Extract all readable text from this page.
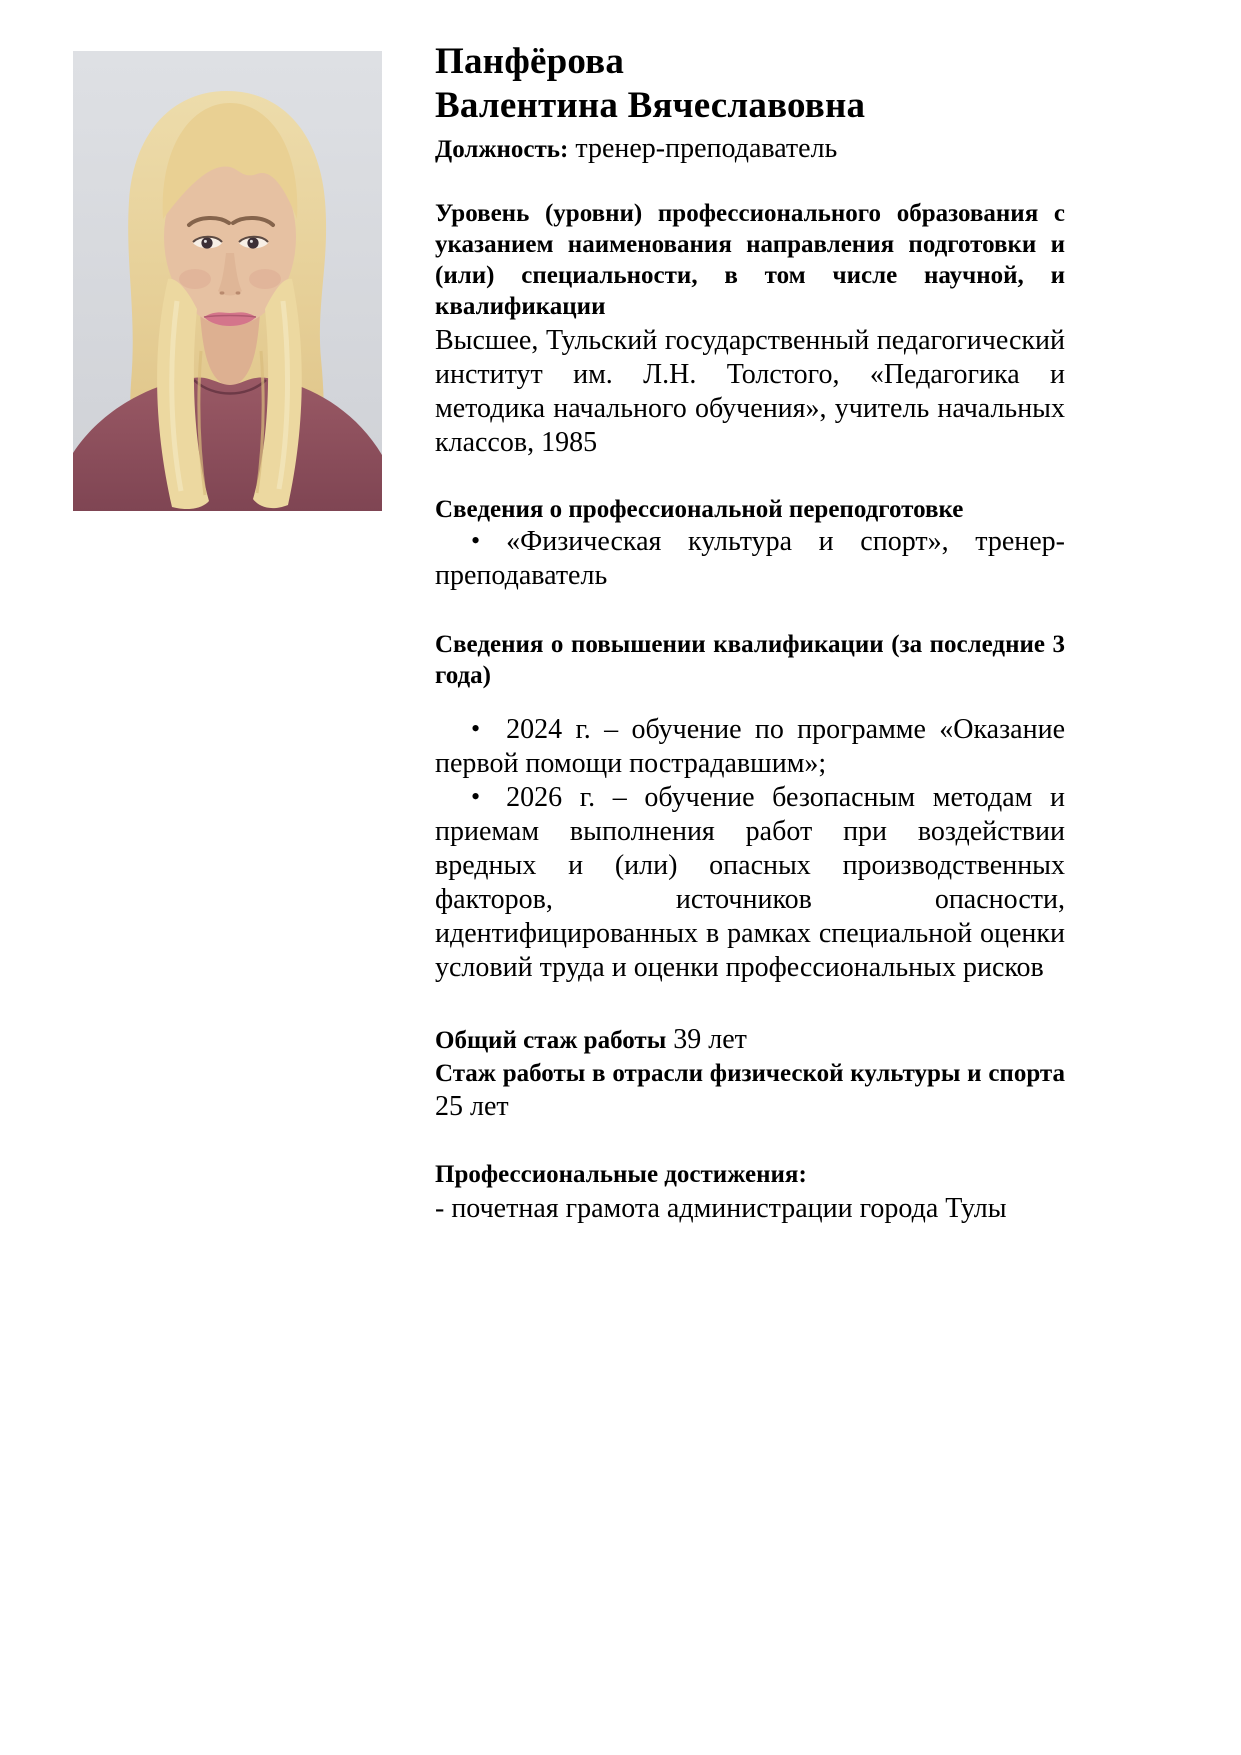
Панфёрова
Валентина Вячеславовна

Должность: тренер-преподаватель

Уровень (уровни) профессионального образования с указанием наименования направления подготовки и (или) специальности, в том числе научной, и квалификации

Высшее, Тульский государственный педагогический институт им. Л.Н. Толстого, «Педагогика и методика начального обучения», учитель начальных классов, 1985

Сведения о профессиональной переподготовке

• «Физическая культура и спорт», тренер-преподаватель

Сведения о повышении квалификации (за последние 3 года)

• 2024 г. – обучение по программе «Оказание первой помощи пострадавшим»;

• 2026 г. – обучение безопасным методам и приемам выполнения работ при воздействии вредных и (или) опасных производственных факторов, источников опасности, идентифицированных в рамках специальной оценки условий труда и оценки профессиональных рисков

Общий стаж работы 39 лет

Стаж работы в отрасли физической культуры и спорта

25 лет

Профессиональные достижения:

- почетная грамота администрации города Тулы
